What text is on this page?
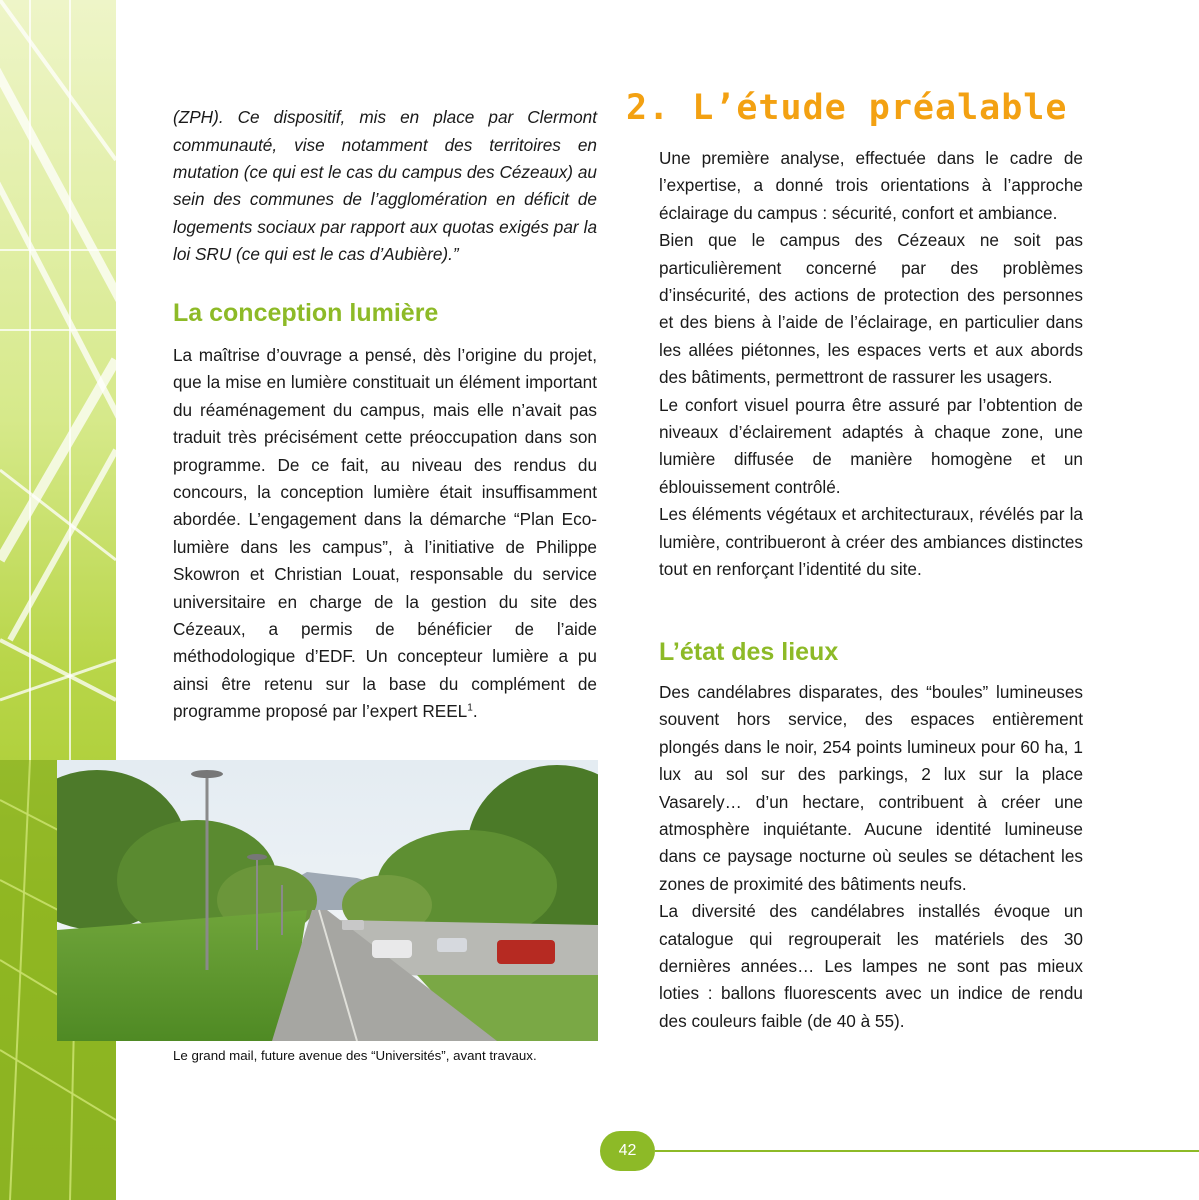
(ZPH). Ce dispositif, mis en place par Clermont communauté, vise notamment des territoires en mutation (ce qui est le cas du campus des Cézeaux) au sein des communes de l’agglomération en déficit de logements sociaux par rapport aux quotas exigés par la loi SRU (ce qui est le cas d’Aubière).”

La conception lumière

La maîtrise d’ouvrage a pensé, dès l’origine du projet, que la mise en lumière constituait un élément important du réaménagement du campus, mais elle n’avait pas traduit très précisément cette préoccupation dans son programme. De ce fait, au niveau des rendus du concours, la conception lumière était insuffisamment abordée. L’engagement dans la démarche “Plan Eco-lumière dans les campus”, à l’initiative de Philippe Skowron et Christian Louat, responsable du service universitaire en charge de la gestion du site des Cézeaux, a permis de bénéficier de l’aide méthodologique d’EDF. Un concepteur lumière a pu ainsi être retenu sur la base du complément de programme proposé par l’expert REEL$^1$.

Le grand mail, future avenue des “Universités”, avant travaux.
2. L’étude préalable

Une première analyse, effectuée dans le cadre de l’expertise, a donné trois orientations à l’approche éclairage du campus : sécurité, confort et ambiance.

Bien que le campus des Cézeaux ne soit pas particulièrement concerné par des problèmes d’insécurité, des actions de protection des personnes et des biens à l’aide de l’éclairage, en particulier dans les allées piétonnes, les espaces verts et aux abords des bâtiments, permettront de rassurer les usagers.

Le confort visuel pourra être assuré par l’obtention de niveaux d’éclairement adaptés à chaque zone, une lumière diffusée de manière homogène et un éblouissement contrôlé.

Les éléments végétaux et architecturaux, révélés par la lumière, contribueront à créer des ambiances distinctes tout en renforçant l’identité du site.

L’état des lieux

Des candélabres disparates, des “boules” lumineuses souvent hors service, des espaces entièrement plongés dans le noir, 254 points lumineux pour 60 ha, 1 lux au sol sur des parkings, 2 lux sur la place Vasarely… d’un hectare, contribuent à créer une atmosphère inquiétante. Aucune identité lumineuse dans ce paysage nocturne où seules se détachent les zones de proximité des bâtiments neufs.

La diversité des candélabres installés évoque un catalogue qui regrouperait les matériels des 30 dernières années… Les lampes ne sont pas mieux loties : ballons fluorescents avec un indice de rendu des couleurs faible (de 40 à 55).

42
